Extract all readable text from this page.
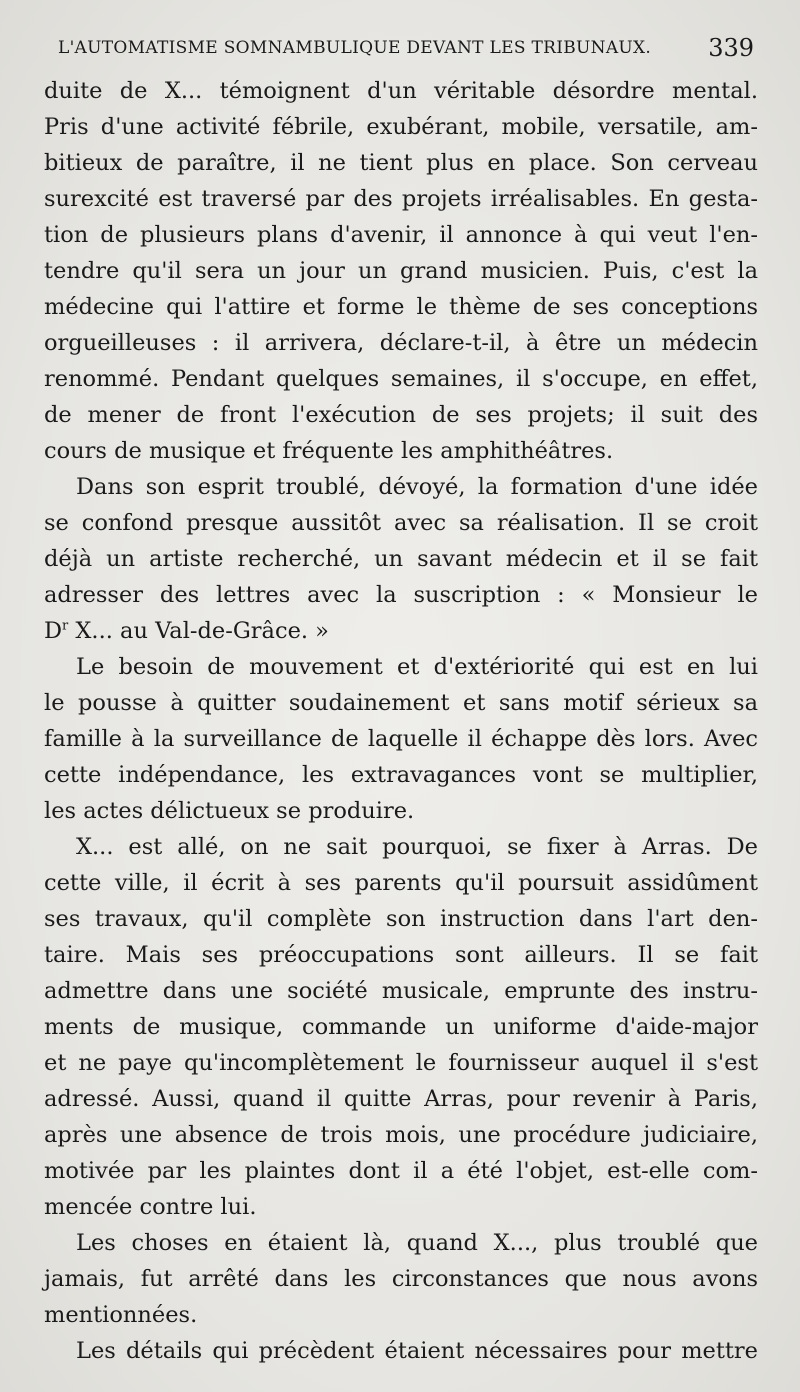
L'AUTOMATISME SOMNAMBULIQUE DEVANT LES TRIBUNAUX. 339
duite de X... témoignent d'un véritable désordre mental.
Pris d'une activité fébrile, exubérant, mobile, versatile, am-
bitieux de paraître, il ne tient plus en place. Son cerveau
surexcité est traversé par des projets irréalisables. En gesta-
tion de plusieurs plans d'avenir, il annonce à qui veut l'en-
tendre qu'il sera un jour un grand musicien. Puis, c'est la
médecine qui l'attire et forme le thème de ses conceptions
orgueilleuses : il arrivera, déclare-t-il, à être un médecin
renommé. Pendant quelques semaines, il s'occupe, en effet,
de mener de front l'exécution de ses projets; il suit des
cours de musique et fréquente les amphithéâtres.
Dans son esprit troublé, dévoyé, la formation d'une idée
se confond presque aussitôt avec sa réalisation. Il se croit
déjà un artiste recherché, un savant médecin et il se fait
adresser des lettres avec la suscription : « Monsieur le
$D^r$ X... au Val-de-Grâce. »
Le besoin de mouvement et d'extériorité qui est en lui
le pousse à quitter soudainement et sans motif sérieux sa
famille à la surveillance de laquelle il échappe dès lors. Avec
cette indépendance, les extravagances vont se multiplier,
les actes délictueux se produire.
X... est allé, on ne sait pourquoi, se fixer à Arras. De
cette ville, il écrit à ses parents qu'il poursuit assidûment
ses travaux, qu'il complète son instruction dans l'art den-
taire. Mais ses préoccupations sont ailleurs. Il se fait
admettre dans une société musicale, emprunte des instru-
ments de musique, commande un uniforme d'aide-major
et ne paye qu'incomplètement le fournisseur auquel il s'est
adressé. Aussi, quand il quitte Arras, pour revenir à Paris,
après une absence de trois mois, une procédure judiciaire,
motivée par les plaintes dont il a été l'objet, est-elle com-
mencée contre lui.
Les choses en étaient là, quand X..., plus troublé que
jamais, fut arrêté dans les circonstances que nous avons
mentionnées.
Les détails qui précèdent étaient nécessaires pour mettre
